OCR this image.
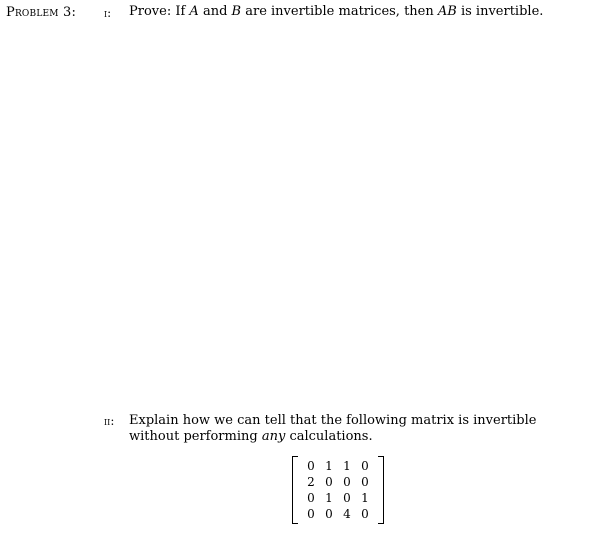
Problem 3: i: Prove: If A and B are invertible matrices, then AB is invertible.
ii: Explain how we can tell that the following matrix is invertible without performing any calculations.
0 1 1 0
2 0 0 0
0 1 0 1
0 0 4 0
